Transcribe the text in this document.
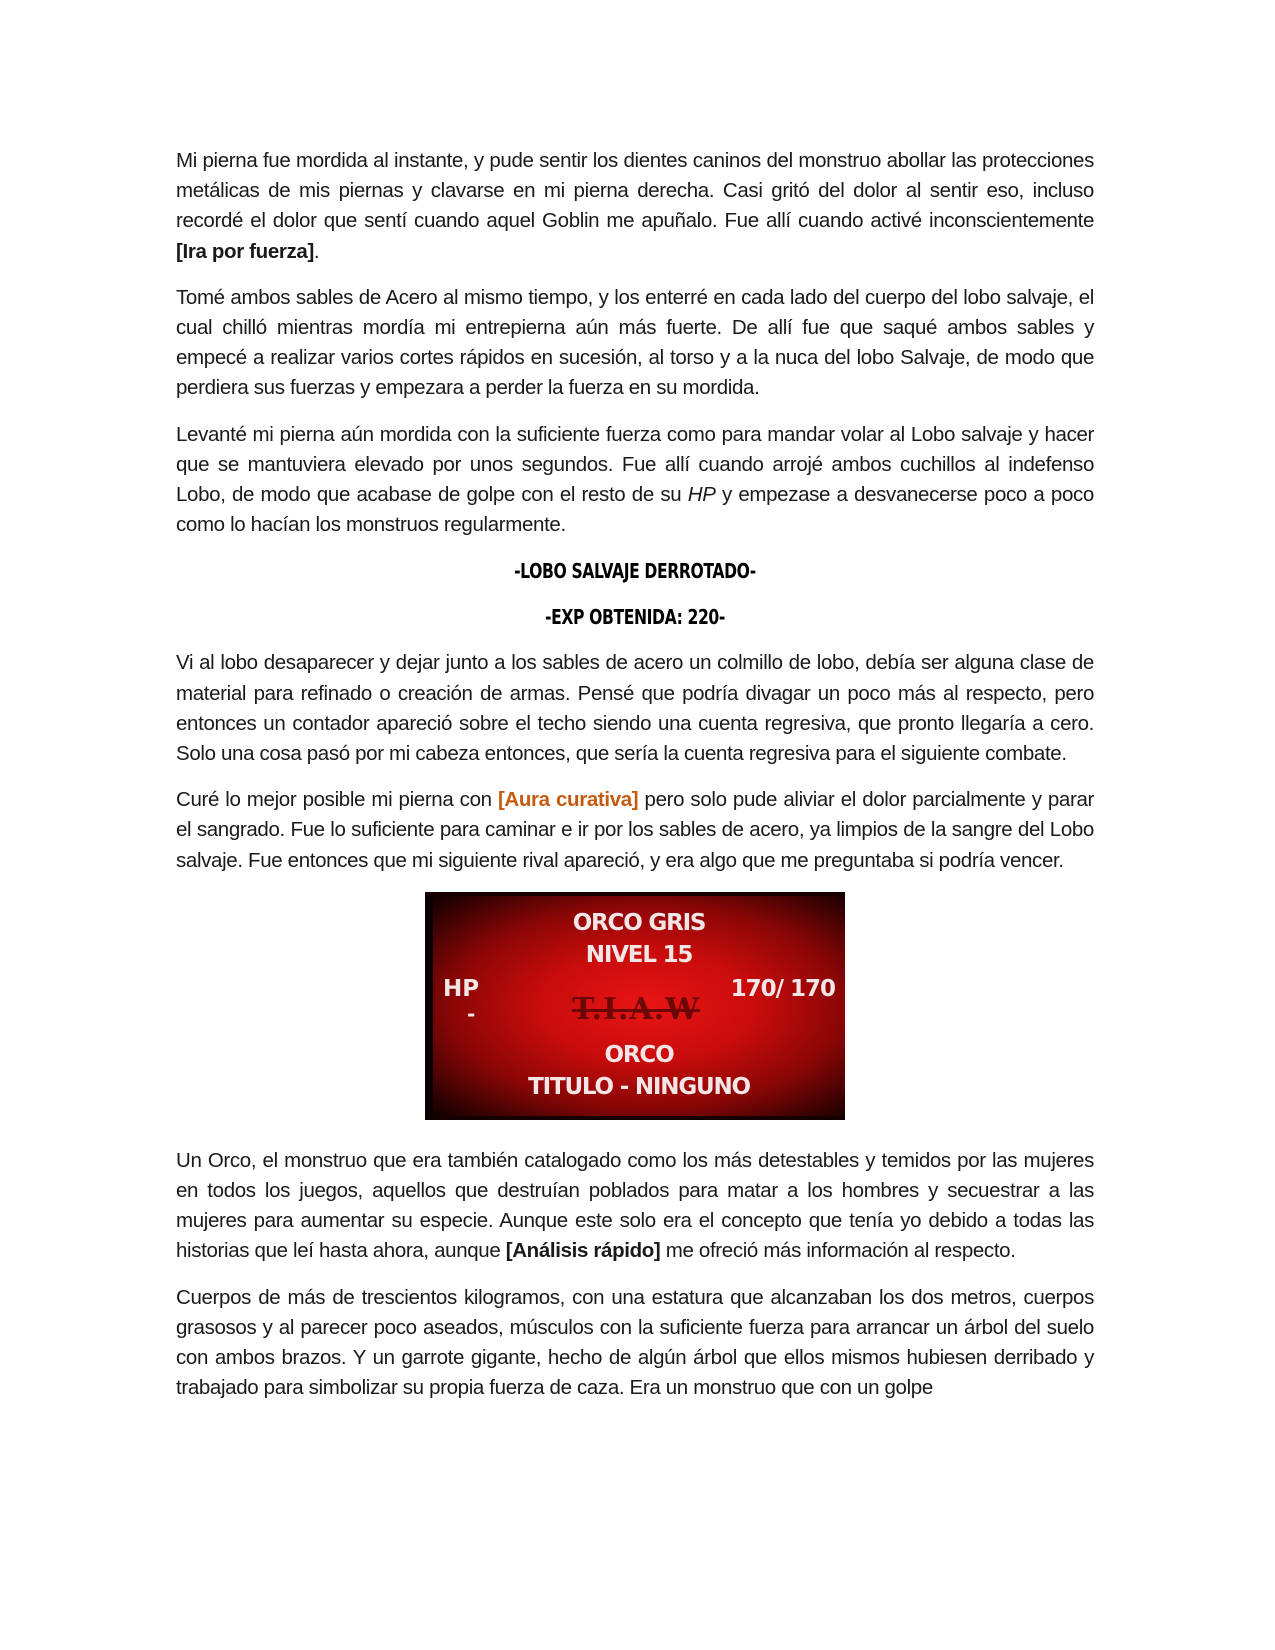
Mi pierna fue mordida al instante, y pude sentir los dientes caninos del monstruo abollar las protecciones metálicas de mis piernas y clavarse en mi pierna derecha. Casi gritó del dolor al sentir eso, incluso recordé el dolor que sentí cuando aquel Goblin me apuñalo. Fue allí cuando activé inconscientemente [Ira por fuerza].

Tomé ambos sables de Acero al mismo tiempo, y los enterré en cada lado del cuerpo del lobo salvaje, el cual chilló mientras mordía mi entrepierna aún más fuerte. De allí fue que saqué ambos sables y empecé a realizar varios cortes rápidos en sucesión, al torso y a la nuca del lobo Salvaje, de modo que perdiera sus fuerzas y empezara a perder la fuerza en su mordida.

Levanté mi pierna aún mordida con la suficiente fuerza como para mandar volar al Lobo salvaje y hacer que se mantuviera elevado por unos segundos. Fue allí cuando arrojé ambos cuchillos al indefenso Lobo, de modo que acabase de golpe con el resto de su HP y empezase a desvanecerse poco a poco como lo hacían los monstruos regularmente.

-LOBO SALVAJE DERROTADO-
-EXP OBTENIDA: 220-

Vi al lobo desaparecer y dejar junto a los sables de acero un colmillo de lobo, debía ser alguna clase de material para refinado o creación de armas. Pensé que podría divagar un poco más al respecto, pero entonces un contador apareció sobre el techo siendo una cuenta regresiva, que pronto llegaría a cero. Solo una cosa pasó por mi cabeza entonces, que sería la cuenta regresiva para el siguiente combate.

Curé lo mejor posible mi pierna con [Aura curativa] pero solo pude aliviar el dolor parcialmente y parar el sangrado. Fue lo suficiente para caminar e ir por los sables de acero, ya limpios de la sangre del Lobo salvaje. Fue entonces que mi siguiente rival apareció, y era algo que me preguntaba si podría vencer.

ORCO GRIS
NIVEL 15
HP
-
170/ 170
T.I.A.W
ORCO
TITULO - NINGUNO

Un Orco, el monstruo que era también catalogado como los más detestables y temidos por las mujeres en todos los juegos, aquellos que destruían poblados para matar a los hombres y secuestrar a las mujeres para aumentar su especie. Aunque este solo era el concepto que tenía yo debido a todas las historias que leí hasta ahora, aunque [Análisis rápido] me ofreció más información al respecto.

Cuerpos de más de trescientos kilogramos, con una estatura que alcanzaban los dos metros, cuerpos grasosos y al parecer poco aseados, músculos con la suficiente fuerza para arrancar un árbol del suelo con ambos brazos. Y un garrote gigante, hecho de algún árbol que ellos mismos hubiesen derribado y trabajado para simbolizar su propia fuerza de caza. Era un monstruo que con un golpe
